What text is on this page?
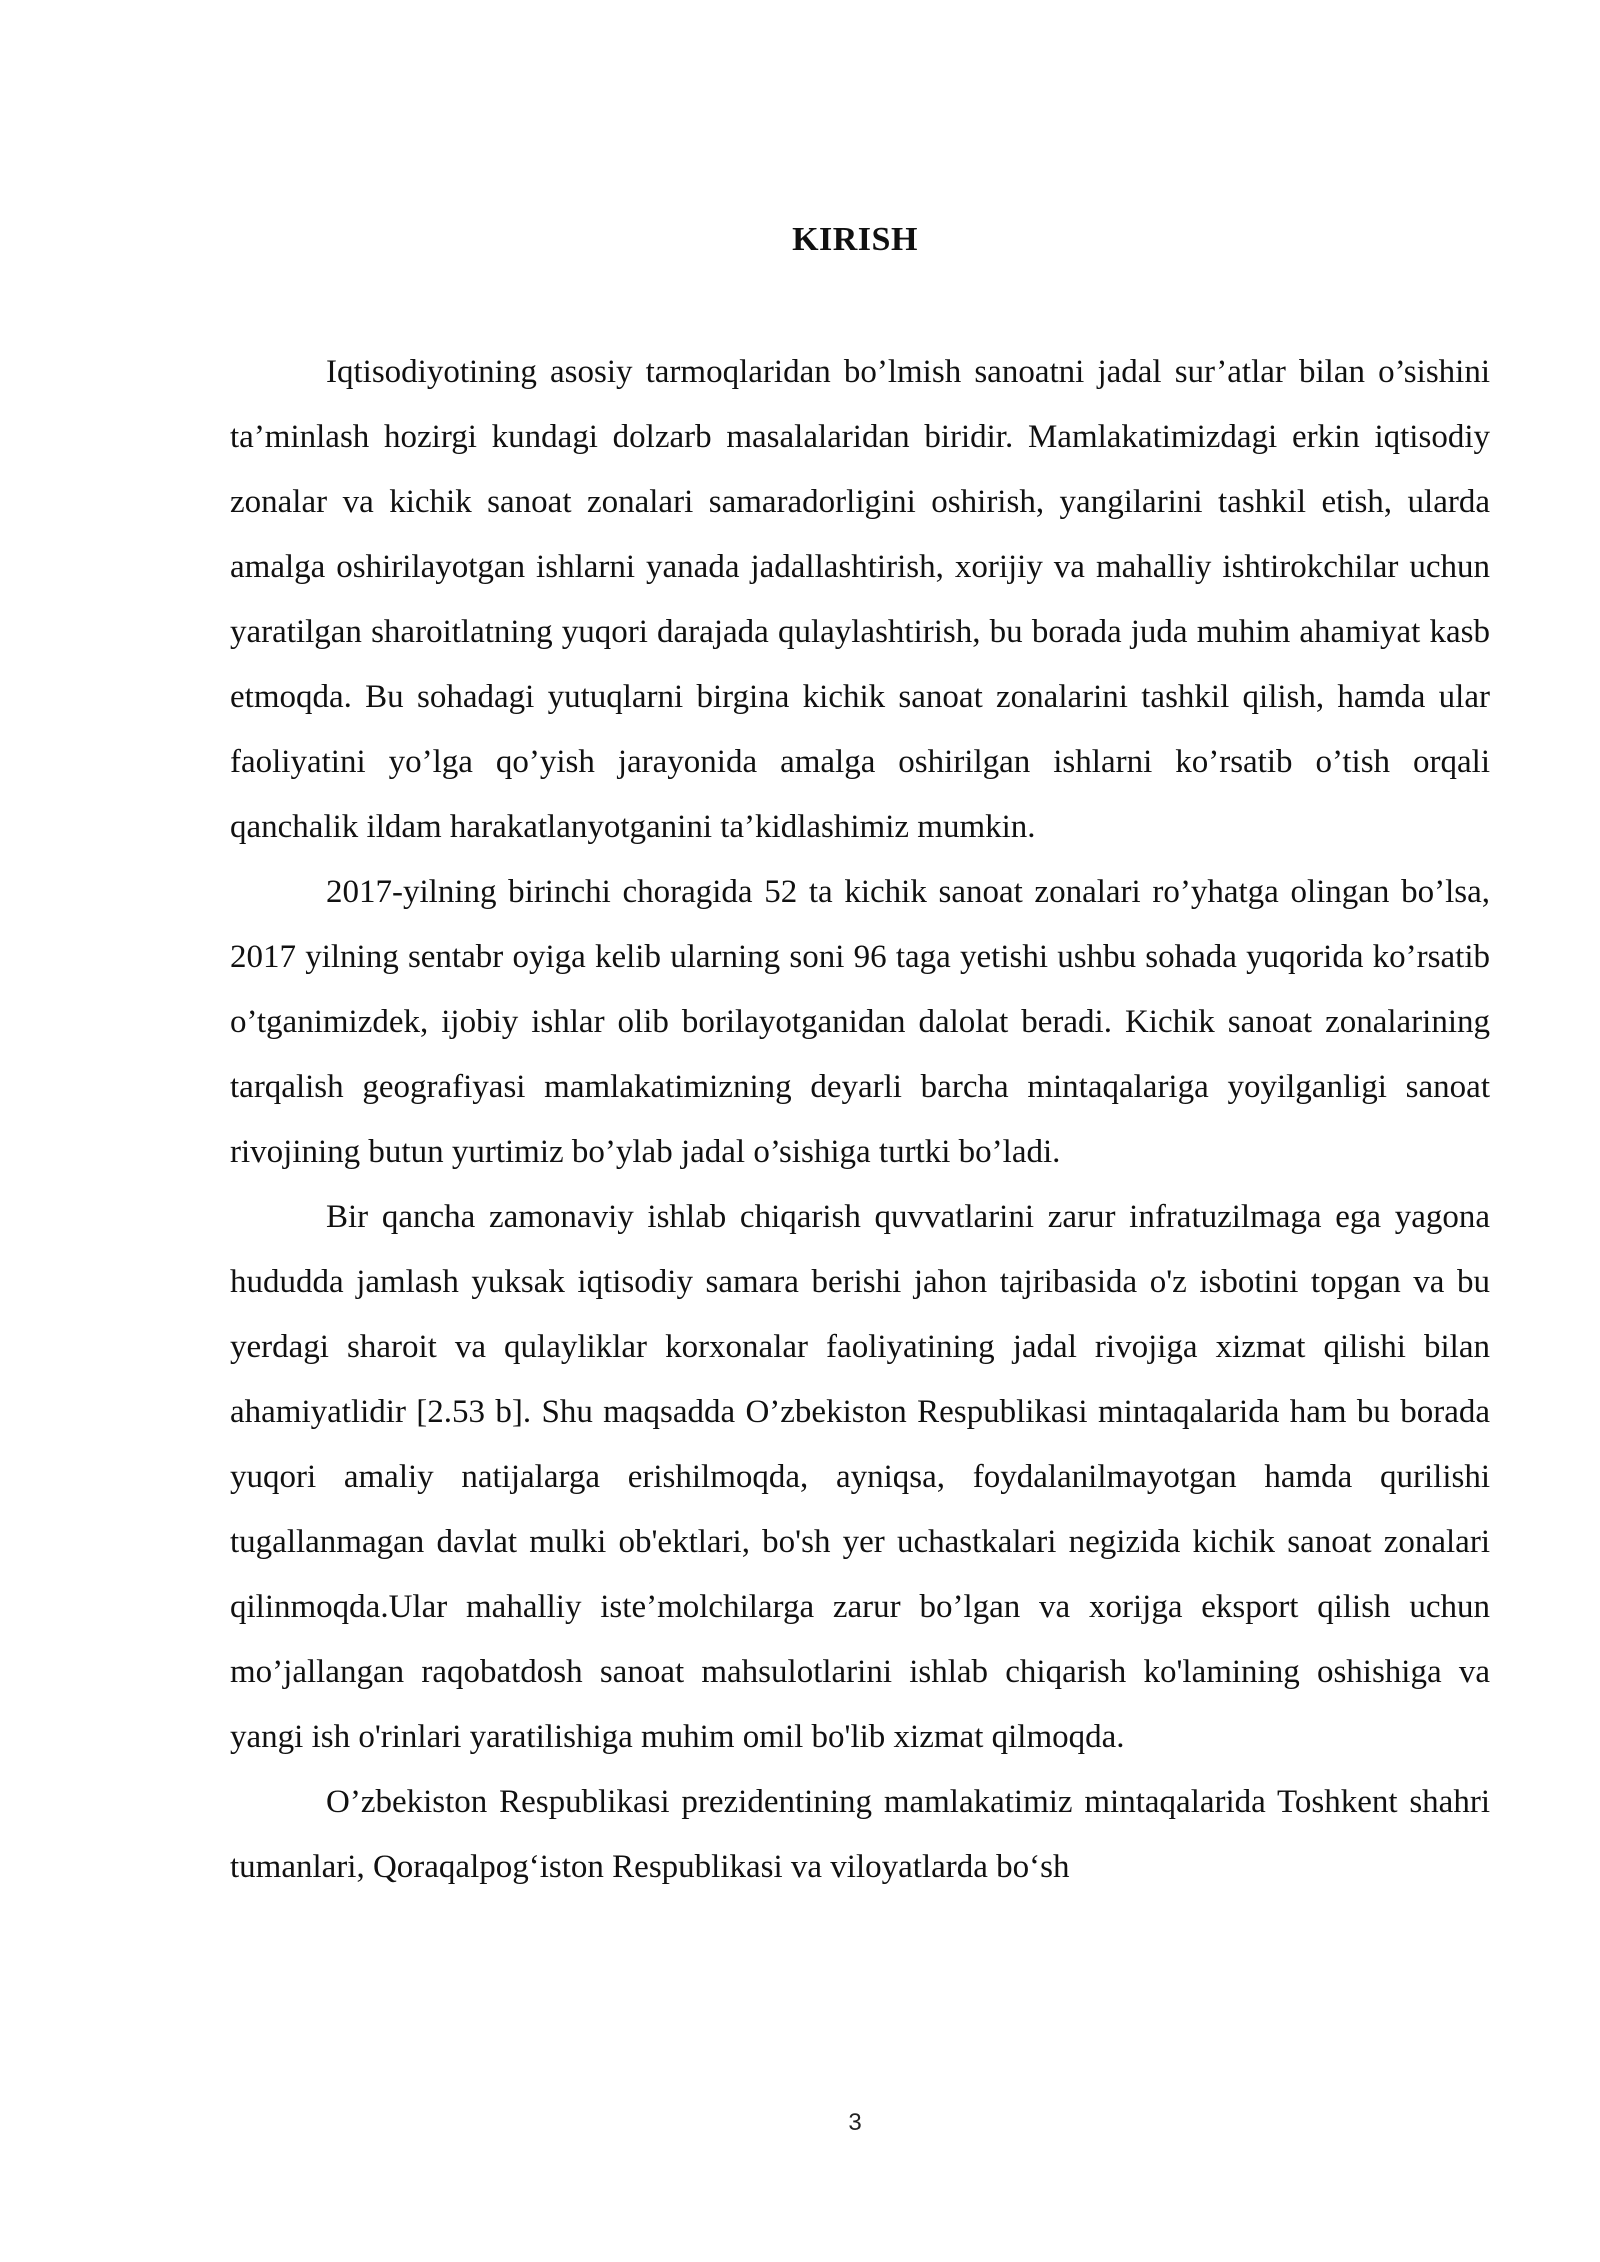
KIRISH

Iqtisodiyotining asosiy tarmoqlaridan bo’lmish sanoatni jadal sur’atlar bilan o’sishini ta’minlash hozirgi kundagi dolzarb masalalaridan biridir. Mamlakatimizdagi erkin iqtisodiy zonalar va kichik sanoat zonalari samaradorligini oshirish, yangilarini tashkil etish, ularda amalga oshirilayotgan ishlarni yanada jadallashtirish, xorijiy va mahalliy ishtirokchilar uchun yaratilgan sharoitlatning yuqori darajada qulaylashtirish, bu borada juda muhim ahamiyat kasb etmoqda. Bu sohadagi yutuqlarni birgina kichik sanoat zonalarini tashkil qilish, hamda ular faoliyatini yo’lga qo’yish jarayonida amalga oshirilgan ishlarni ko’rsatib o’tish orqali qanchalik ildam harakatlanyotganini ta’kidlashimiz mumkin.

2017-yilning birinchi choragida 52 ta kichik sanoat zonalari ro’yhatga olingan bo’lsa, 2017 yilning sentabr oyiga kelib ularning soni 96 taga yetishi ushbu sohada yuqorida ko’rsatib o’tganimizdek, ijobiy ishlar olib borilayotganidan dalolat beradi. Kichik sanoat zonalarining tarqalish geografiyasi mamlakatimizning deyarli barcha mintaqalariga yoyilganligi sanoat rivojining butun yurtimiz bo’ylab jadal o’sishiga turtki bo’ladi.

Bir qancha zamonaviy ishlab chiqarish quvvatlarini zarur infratuzilmaga ega yagona hududda jamlash yuksak iqtisodiy samara berishi jahon tajribasida o'z isbotini topgan va bu yerdagi sharoit va qulayliklar korxonalar faoliyatining jadal rivojiga xizmat qilishi bilan ahamiyatlidir [2.53 b]. Shu maqsadda O’zbekiston Respublikasi mintaqalarida ham bu borada yuqori amaliy natijalarga erishilmoqda, ayniqsa, foydalanilmayotgan hamda qurilishi tugallanmagan davlat mulki ob'ektlari, bo'sh yer uchastkalari negizida kichik sanoat zonalari qilinmoqda.Ular mahalliy iste’molchilarga zarur bo’lgan va xorijga eksport qilish uchun mo’jallangan raqobatdosh sanoat mahsulotlarini ishlab chiqarish ko'lamining oshishiga va yangi ish o'rinlari yaratilishiga muhim omil bo'lib xizmat qilmoqda.

O’zbekiston Respublikasi prezidentining mamlakatimiz mintaqalarida Toshkent shahri tumanlari, Qoraqalpog‘iston Respublikasi va viloyatlarda bo‘sh

3
